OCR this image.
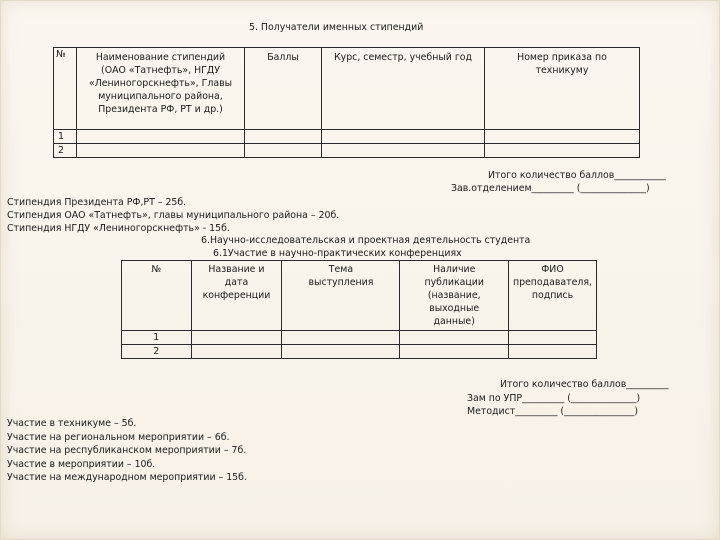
5. Получатели именных стипендий
№	Наименование стипендий (ОАО «Татнефть», НГДУ «Лениногорскнефть», Главы муниципального района, Президента РФ, РТ и др.)	Баллы	Курс, семестр, учебный год	Номер приказа по техникуму
1				
2				
Итого количество баллов___________
Зав.отделением_________ (______________)
Стипендия Президента РФ,РТ – 25б.
Стипендия ОАО «Татнефть», главы муниципального района – 20б.
Стипендия НГДУ «Лениногорскнефть» - 15б.
6.Научно-исследовательская и проектная деятельность студента
6.1Участие в научно-практических конференциях
№	Название и дата конференции	Тема выступления	Наличие публикации (название, выходные данные)	ФИО преподавателя, подпись
1				
2				
Итого количество баллов_________
Зам по УПР_________ (______________)
Методист_________ (_______________)
Участие в техникуме – 5б.
Участие на региональном мероприятии – 6б.
Участие на республиканском мероприятии – 7б.
Участие в мероприятии – 10б.
Участие на международном мероприятии – 15б.
